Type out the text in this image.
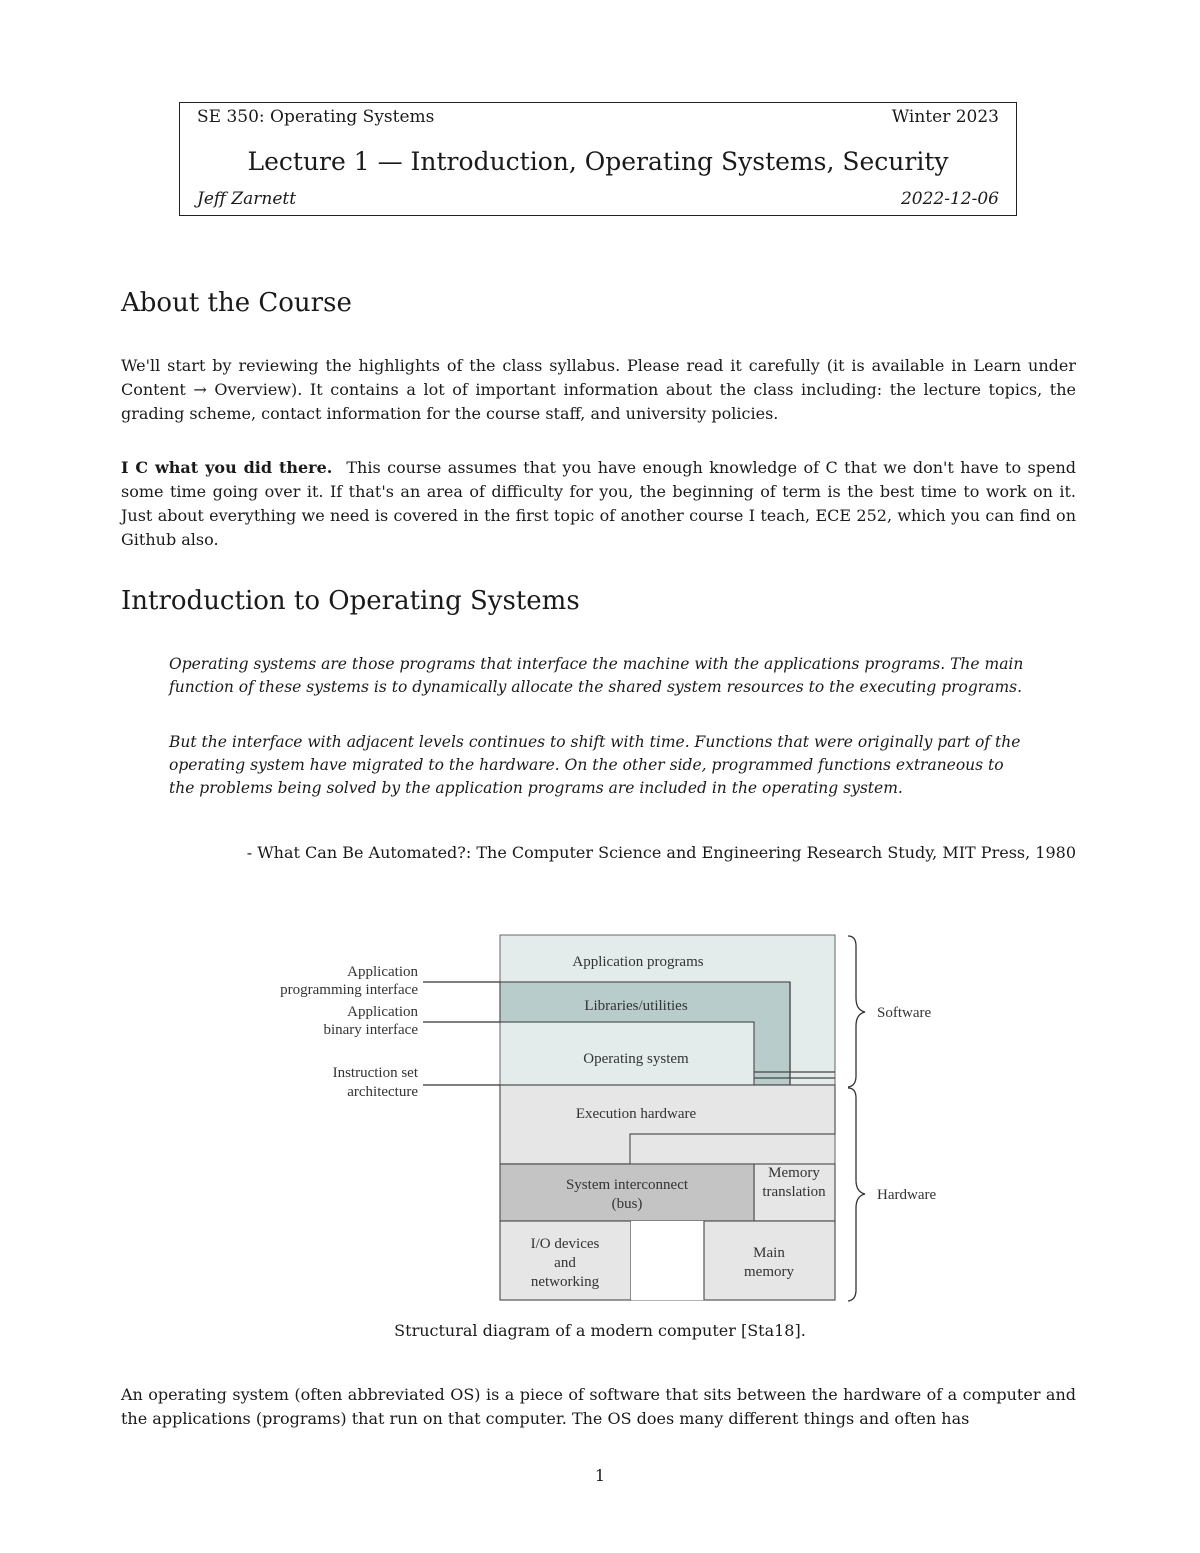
SE 350: Operating Systems	Winter 2023
Lecture 1 — Introduction, Operating Systems, Security
Jeff Zarnett	2022-12-06
About the Course

We'll start by reviewing the highlights of the class syllabus. Please read it carefully (it is available in Learn under Content → Overview). It contains a lot of important information about the class including: the lecture topics, the grading scheme, contact information for the course staff, and university policies.

I C what you did there. This course assumes that you have enough knowledge of C that we don't have to spend some time going over it. If that's an area of difficulty for you, the beginning of term is the best time to work on it. Just about everything we need is covered in the first topic of another course I teach, ECE 252, which you can find on Github also.

Introduction to Operating Systems

Operating systems are those programs that interface the machine with the applications programs. The main function of these systems is to dynamically allocate the shared system resources to the executing programs.

But the interface with adjacent levels continues to shift with time. Functions that were originally part of the operating system have migrated to the hardware. On the other side, programmed functions extraneous to the problems being solved by the application programs are included in the operating system.

- What Can Be Automated?: The Computer Science and Engineering Research Study, MIT Press, 1980

Application
programming interface
Application
binary interface
Instruction set
architecture
Application programs
Libraries/utilities
Operating system
Execution hardware
System interconnect
(bus)
Memory
translation
I/O devices
and
networking
Main
memory
Software
Hardware

Structural diagram of a modern computer [Sta18].

An operating system (often abbreviated OS) is a piece of software that sits between the hardware of a computer and the applications (programs) that run on that computer. The OS does many different things and often has

1
